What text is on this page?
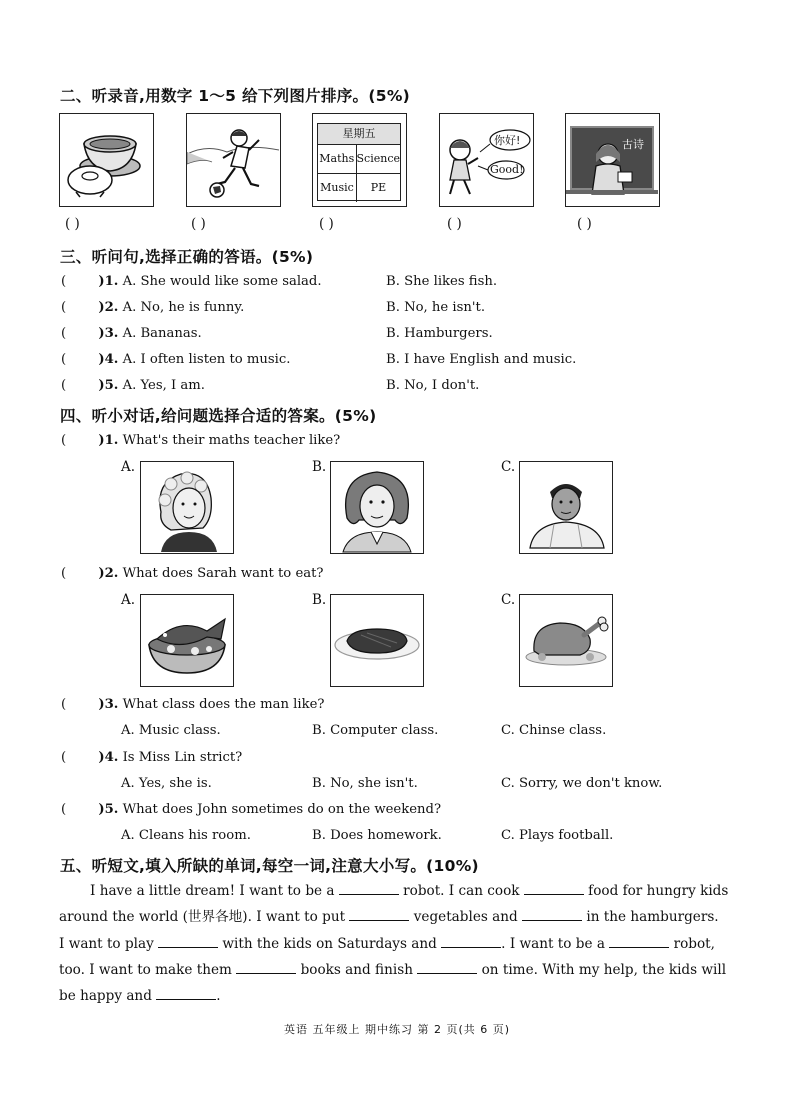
二、听录音,用数字 1～5 给下列图片排序。(5%)
星期五
Maths Science
Music	PE
你好!
Good!
古诗
( )	( )	( )	( )	( )
三、听问句,选择正确的答语。(5%)
( )1. A. She would like some salad.	B. She likes fish.
( )2. A. No, he is funny.	B. No, he isn't.
( )3. A. Bananas.	B. Hamburgers.
( )4. A. I often listen to music.	B. I have English and music.
( )5. A. Yes, I am.	B. No, I don't.
四、听小对话,给问题选择合适的答案。(5%)
( )1. What's their maths teacher like?
A.	B.	C.
( )2. What does Sarah want to eat?
A.	B.	C.
( )3. What class does the man like?
A. Music class.	B. Computer class.	C. Chinse class.
( )4. Is Miss Lin strict?
A. Yes, she is.	B. No, she isn't.	C. Sorry, we don't know.
( )5. What does John sometimes do on the weekend?
A. Cleans his room.	B. Does homework.	C. Plays football.
五、听短文,填入所缺的单词,每空一词,注意大小写。(10%)
I have a little dream! I want to be a	robot. I can cook	food for hungry kids
around the world (世界各地). I want to put	vegetables and	in the hamburgers.
I want to play	with the kids on Saturdays and	. I want to be a	robot,
too. I want to make them	books and finish	on time. With my help, the kids will
be happy and	.
英语 五年级上 期中练习 第 2 页(共 6 页)
